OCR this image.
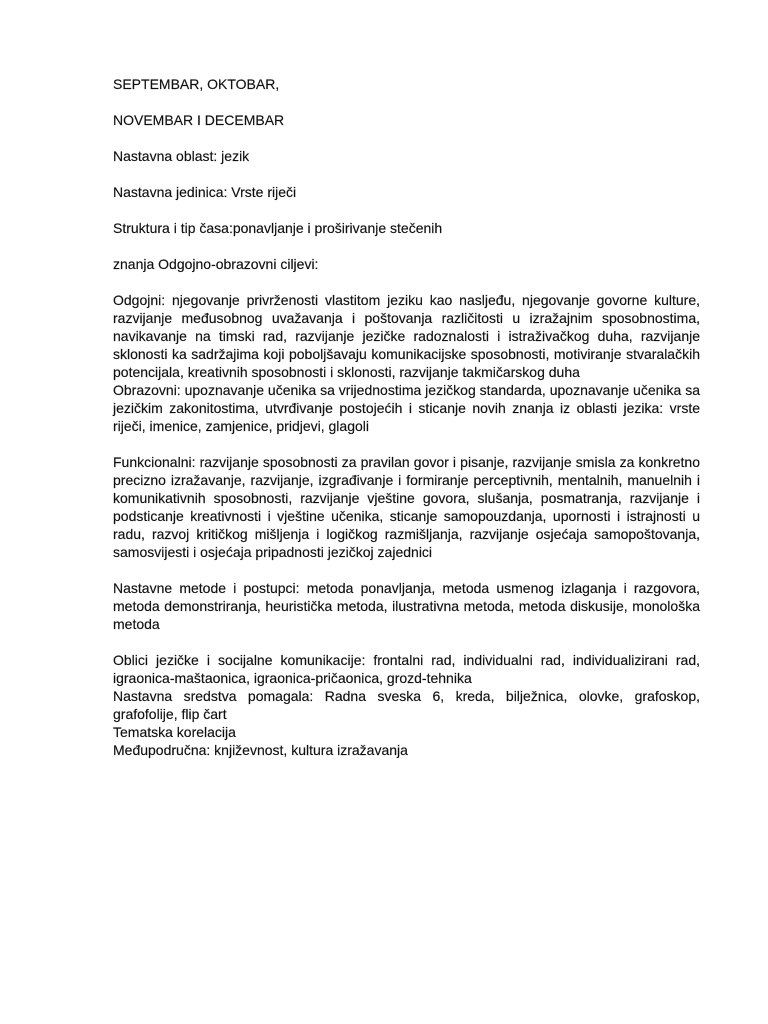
SEPTEMBAR, OKTOBAR,

NOVEMBAR I DECEMBAR

Nastavna oblast: jezik

Nastavna jedinica: Vrste riječi

Struktura i tip časa:ponavljanje i proširivanje stečenih

znanja Odgojno-obrazovni ciljevi:

Odgojni: njegovanje privrženosti vlastitom jeziku kao nasljeđu, njegovanje govorne kulture, razvijanje međusobnog uvažavanja i poštovanja različitosti u izražajnim sposobnostima, navikavanje na timski rad, razvijanje jezičke radoznalosti i istraživačkog duha, razvijanje sklonosti ka sadržajima koji poboljšavaju komunikacijske sposobnosti, motiviranje stvaralačkih potencijala, kreativnih sposobnosti i sklonosti, razvijanje takmičarskog duha

Obrazovni: upoznavanje učenika sa vrijednostima jezičkog standarda, upoznavanje učenika sa jezičkim zakonitostima, utvrđivanje postojećih i sticanje novih znanja iz oblasti jezika: vrste riječi, imenice, zamjenice, pridjevi, glagoli

Funkcionalni: razvijanje sposobnosti za pravilan govor i pisanje, razvijanje smisla za konkretno precizno izražavanje, razvijanje, izgrađivanje i formiranje perceptivnih, mentalnih, manuelnih i komunikativnih sposobnosti, razvijanje vještine govora, slušanja, posmatranja, razvijanje i podsticanje kreativnosti i vještine učenika, sticanje samopouzdanja, upornosti i istrajnosti u radu, razvoj kritičkog mišljenja i logičkog razmišljanja, razvijanje osjećaja samopoštovanja, samosvijesti i osjećaja pripadnosti jezičkoj zajednici

Nastavne metode i postupci: metoda ponavljanja, metoda usmenog izlaganja i razgovora, metoda demonstriranja, heuristička metoda, ilustrativna metoda, metoda diskusije, monološka metoda

Oblici jezičke i socijalne komunikacije: frontalni rad, individualni rad, individualizirani rad, igraonica-maštaonica, igraonica-pričaonica, grozd-tehnika

Nastavna sredstva pomagala: Radna sveska 6, kreda, bilježnica, olovke, grafoskop, grafofolije, flip čart

Tematska korelacija

Međupodručna: književnost, kultura izražavanja
